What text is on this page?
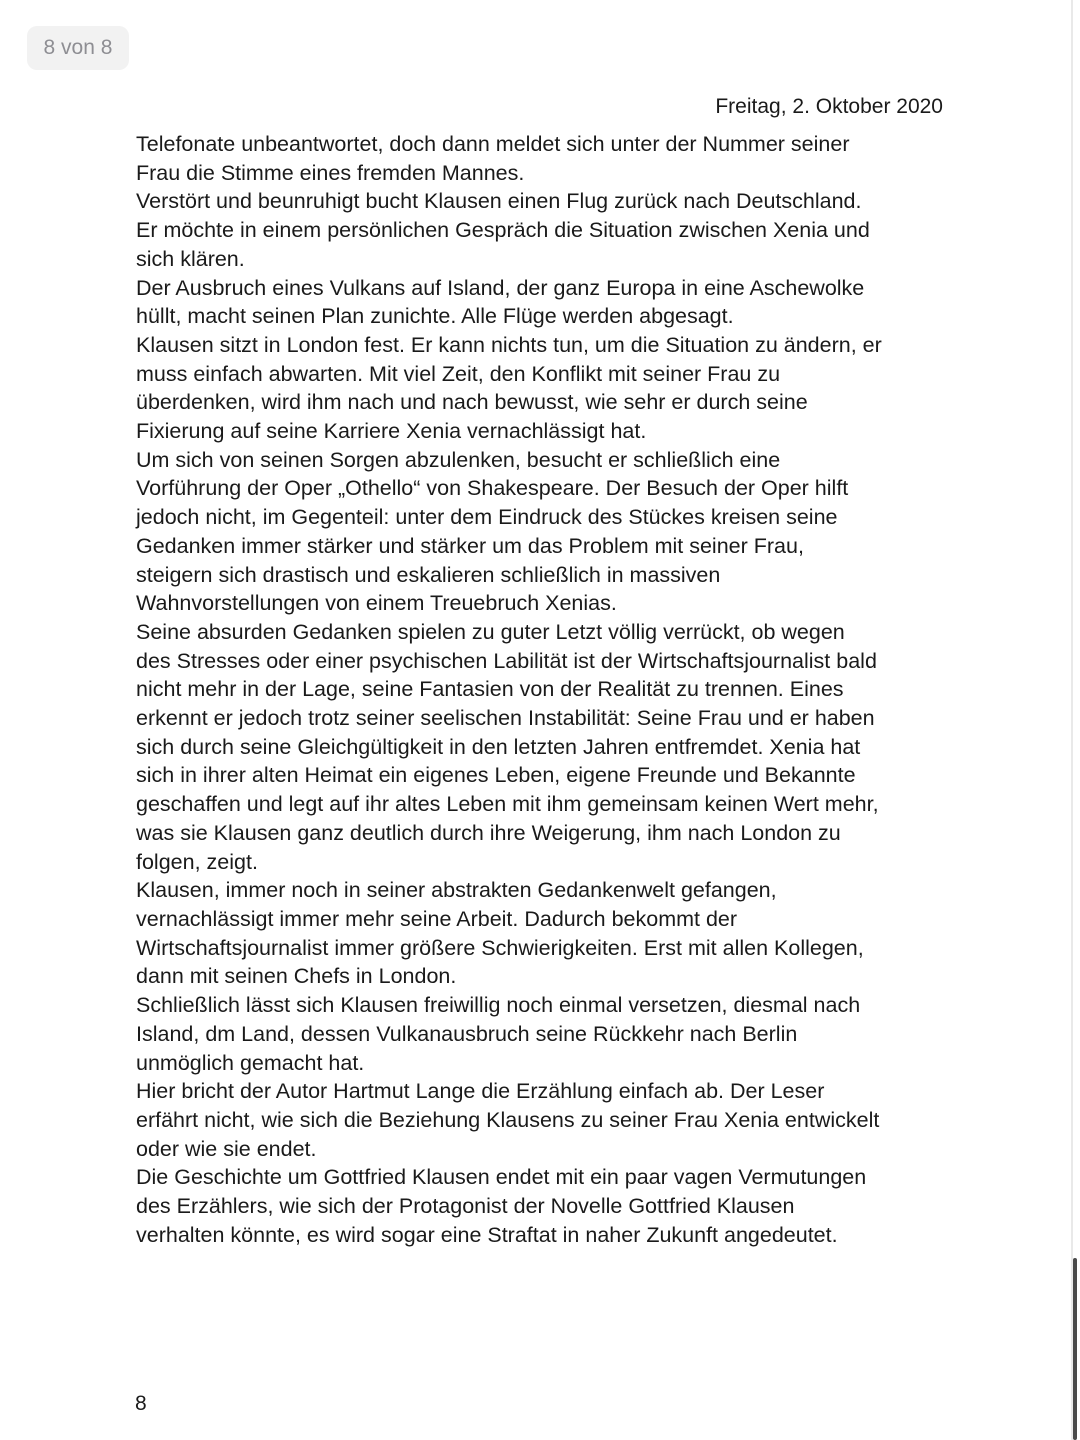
8 von 8
Freitag, 2. Oktober 2020
Telefonate unbeantwortet, doch dann meldet sich unter der Nummer seiner
Frau die Stimme eines fremden Mannes.
Verstört und beunruhigt bucht Klausen einen Flug zurück nach Deutschland.
Er möchte in einem persönlichen Gespräch die Situation zwischen Xenia und
sich klären.
Der Ausbruch eines Vulkans auf Island, der ganz Europa in eine Aschewolke
hüllt, macht seinen Plan zunichte. Alle Flüge werden abgesagt.
Klausen sitzt in London fest. Er kann nichts tun, um die Situation zu ändern, er
muss einfach abwarten. Mit viel Zeit, den Konflikt mit seiner Frau zu
überdenken, wird ihm nach und nach bewusst, wie sehr er durch seine
Fixierung auf seine Karriere Xenia vernachlässigt hat.
Um sich von seinen Sorgen abzulenken, besucht er schließlich eine
Vorführung der Oper „Othello“ von Shakespeare. Der Besuch der Oper hilft
jedoch nicht, im Gegenteil: unter dem Eindruck des Stückes kreisen seine
Gedanken immer stärker und stärker um das Problem mit seiner Frau,
steigern sich drastisch und eskalieren schließlich in massiven
Wahnvorstellungen von einem Treuebruch Xenias.
Seine absurden Gedanken spielen zu guter Letzt völlig verrückt, ob wegen
des Stresses oder einer psychischen Labilität ist der Wirtschaftsjournalist bald
nicht mehr in der Lage, seine Fantasien von der Realität zu trennen. Eines
erkennt er jedoch trotz seiner seelischen Instabilität: Seine Frau und er haben
sich durch seine Gleichgültigkeit in den letzten Jahren entfremdet. Xenia hat
sich in ihrer alten Heimat ein eigenes Leben, eigene Freunde und Bekannte
geschaffen und legt auf ihr altes Leben mit ihm gemeinsam keinen Wert mehr,
was sie Klausen ganz deutlich durch ihre Weigerung, ihm nach London zu
folgen, zeigt.
Klausen, immer noch in seiner abstrakten Gedankenwelt gefangen,
vernachlässigt immer mehr seine Arbeit. Dadurch bekommt der
Wirtschaftsjournalist immer größere Schwierigkeiten. Erst mit allen Kollegen,
dann mit seinen Chefs in London.
Schließlich lässt sich Klausen freiwillig noch einmal versetzen, diesmal nach
Island, dm Land, dessen Vulkanausbruch seine Rückkehr nach Berlin
unmöglich gemacht hat.
Hier bricht der Autor Hartmut Lange die Erzählung einfach ab. Der Leser
erfährt nicht, wie sich die Beziehung Klausens zu seiner Frau Xenia entwickelt
oder wie sie endet.
Die Geschichte um Gottfried Klausen endet mit ein paar vagen Vermutungen
des Erzählers, wie sich der Protagonist der Novelle Gottfried Klausen
verhalten könnte, es wird sogar eine Straftat in naher Zukunft angedeutet.
8
